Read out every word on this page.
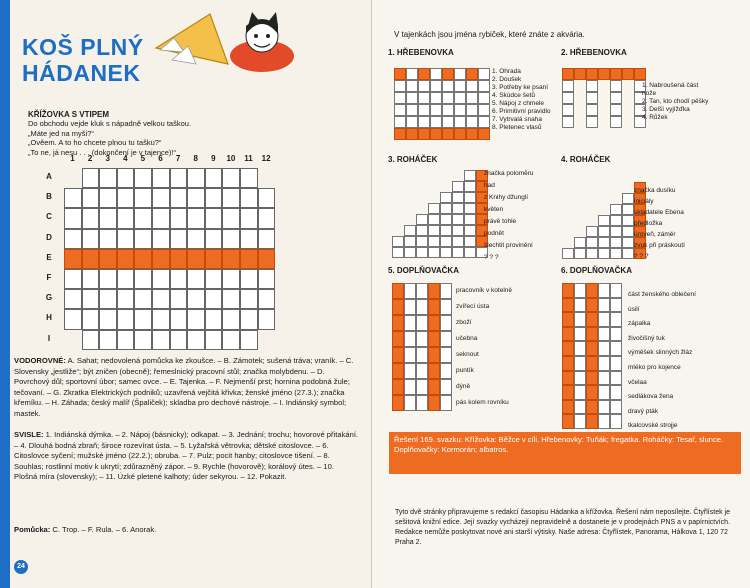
KOŠ PLNÝ
HÁDANEK
KŘÍŽOVKA S VTIPEM
Do obchodu vejde kluk s nápadně velkou taškou.
„Máte jed na myši?“
„Ověem. A to ho chcete plnou tu tašku?“
„To ne, já nesu . . . (dokončení je v tajence)!“
1	2	3	4	5	6	7	8	9	10	11	12
A
B
C
D
E
F
G
H
I
VODOROVNÉ: A. Sahat; nedovolená pomůcka ke zkoušce. – B. Zámotek; sušená tráva; vraník. – C. Slovensky „jestliže“; být zničen (obecně); řemeslnický pracovní stůl; značka molybdenu. – D. Povrchový důl; sportovní úbor; samec ovce. – E. Tajenka. – F. Nejmenší prst; hornina podobná žule; tečovaní. – G. Zkratka Elektrických podniků; uzavřená vejčitá křivka; ženské jméno (27.3.); značka křemíku. – H. Záhada; český malíř (Špaliček); skladba pro dechové nástroje. – I. Indiánský symbol; mastek.
SVISLE: 1. Indiánská dýmka. – 2. Nápoj (básnicky); odkapat. – 3. Jednání; trochu; hovorové přitakání. – 4. Dlouhá bodná zbraň; široce rozevírat ústa. – 5. Lyžařská větrovka; dětské citoslovce. – 6. Citoslovce syčení; mužské jméno (22.2.); obruba. – 7. Pulz; pocit hanby; citoslovce tišení. – 8. Souhlas; rostlinní motiv k ukrytí; zdůrazněný zápor. – 9. Rychle (hovorově); korálový útes. – 10. Plošná míra (slovensky); – 11. Úzké pletené kalhoty; úder sekyrou. – 12. Pokazit.
Pomůcka: C. Trop. – F. Rula. – 6. Anorak.
24
V tajenkách jsou jména rybiček, které znáte z akvária.
1. HŘEBENOVKA	2. HŘEBENOVKA
3. ROHÁČEK	4. ROHÁČEK
5. DOPLŇOVAČKA	6. DOPLŇOVAČKA
1. Ohrada
2. Doušek
3. Potřeby ke psaní
4. Skúdce šetů
5. Nápoj z chmele
6. Primitivní pravidlo
7. Vytrvalá snaha
8. Pletenec vlasů
1. Nabroušená část nože
2. Tan, kto chodí pěšky
3. Delší vyjížďka
4. Růžek
značka poloměru
had
z Knihy džunglí
květen
právě tohle
podnět
šlechtit provinění
? ? ?
značka dusíku
iniciály
skladatele Ebena
předložka
úroveň, záměr
zvuk při práskoutí
? ? ?
pracovník v kotelně
zvířecí ústa
zboží
učebna
seknout
puntík
dýně
pás kolem rovníku
část ženského oblečení
úsilí
zápalka
živočišný tuk
výměšek slinných žláz
mléko pro kojence
včelaa
sedlákova žena
dravý pták
tkalcovské strojje
Řešení 169. svazku: Křížovka: Běžce v cíli. Hřebenovky: Tuňák; fregatka. Roháčky: Tesař, slunce. Doplňovačky: Kormorán; albatros.
Tyto dvě stránky připravujeme s redakcí časopisu Hádanka a křížovka. Řešení nám neposílejte. Čtyřlístek je sešitová knižní edice. Její svazky vycházejí nepravidelně a dostanete je v prodejnách PNS a v papírnictvích. Redakce nemůže poskytovat nové ani starší výtisky. Naše adresa: Čtyřlístek, Panorama, Hálkova 1, 120 72 Praha 2.
